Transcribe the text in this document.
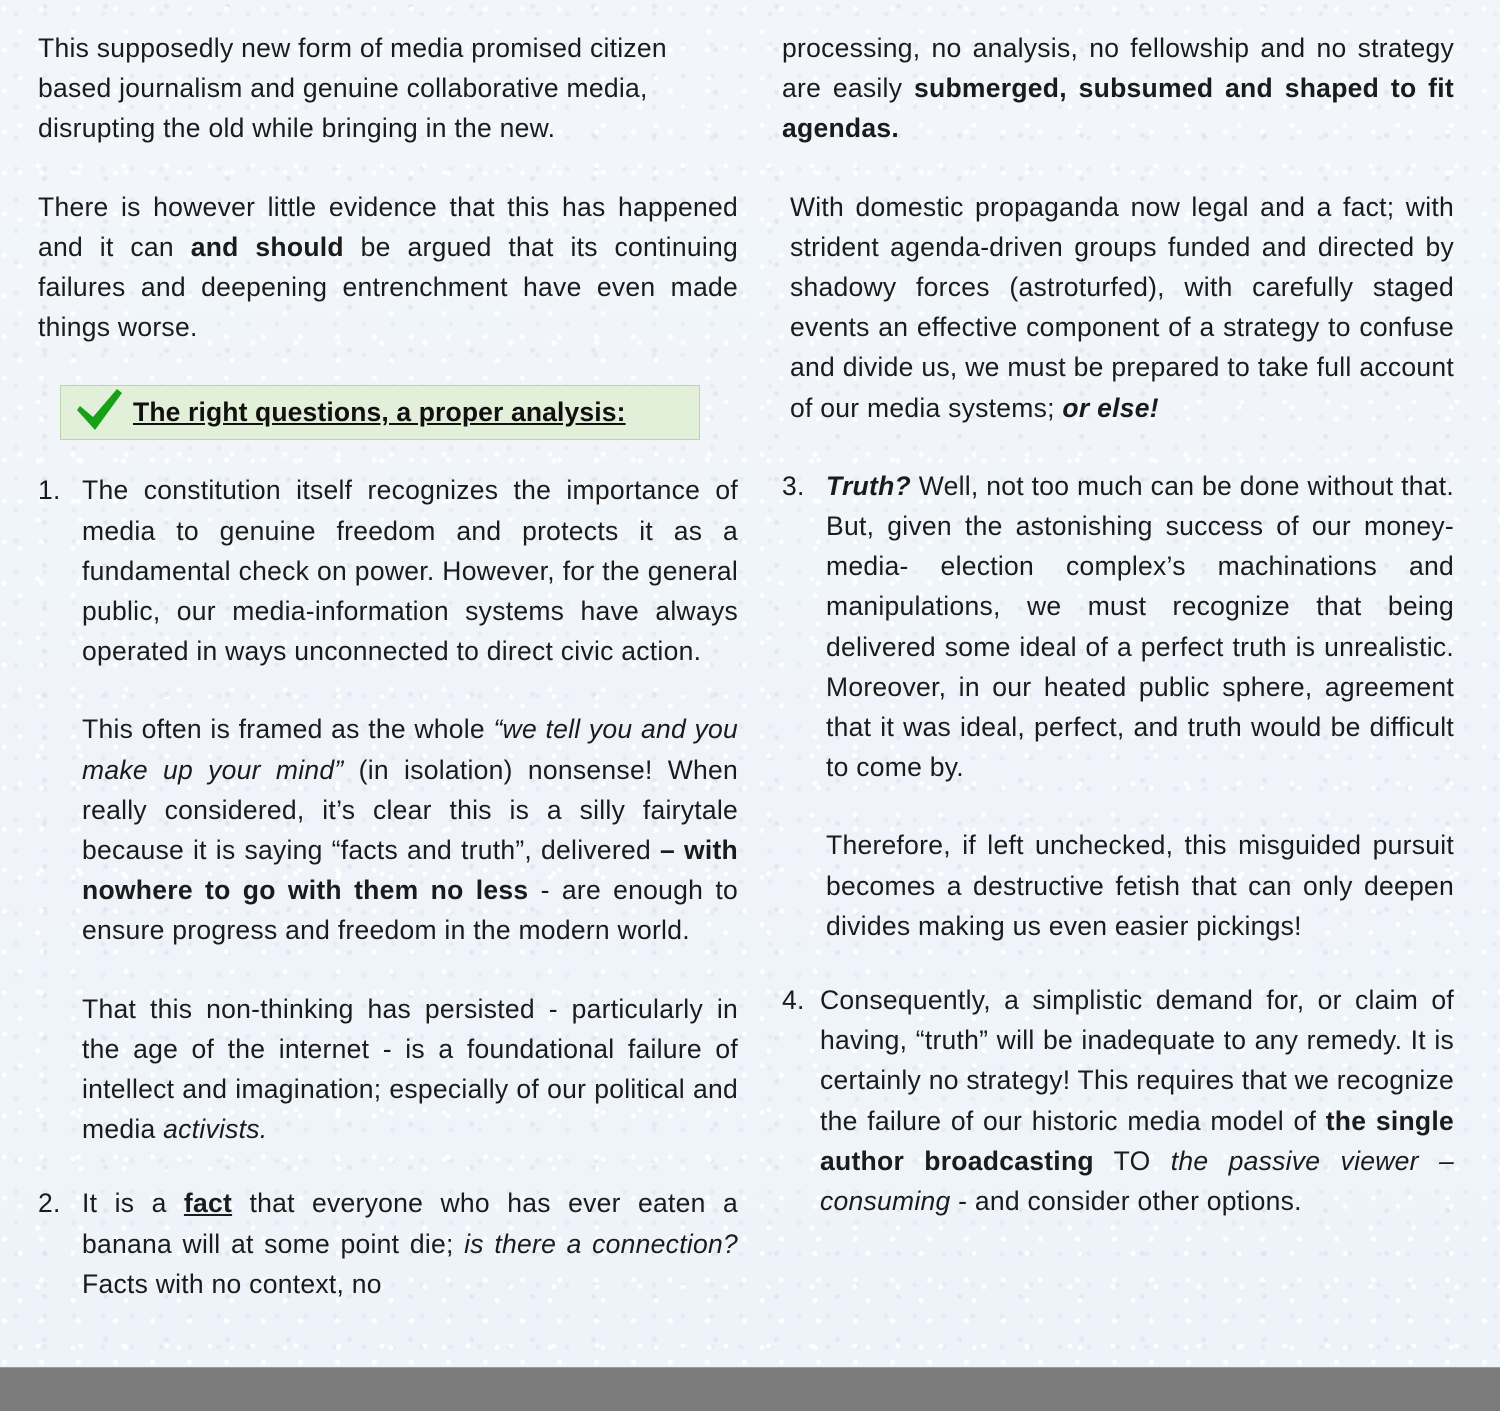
This supposedly new form of media promised citizen based journalism and genuine collaborative media, disrupting the old while bringing in the new.

There is however little evidence that this has happened and it can and should be argued that its continuing failures and deepening entrenchment have even made things worse.

The right questions, a proper analysis:
1. The constitution itself recognizes the importance of media to genuine freedom and protects it as a fundamental check on power. However, for the general public, our media-information systems have always operated in ways unconnected to direct civic action.

This often is framed as the whole “we tell you and you make up your mind” (in isolation) nonsense! When really considered, it’s clear this is a silly fairytale because it is saying “facts and truth”, delivered – with nowhere to go with them no less - are enough to ensure progress and freedom in the modern world.

That this non-thinking has persisted - particularly in the age of the internet - is a foundational failure of intellect and imagination; especially of our political and media activists.

2. It is a fact that everyone who has ever eaten a banana will at some point die; is there a connection? Facts with no context, no

processing, no analysis, no fellowship and no strategy are easily submerged, subsumed and shaped to fit agendas.

With domestic propaganda now legal and a fact; with strident agenda-driven groups funded and directed by shadowy forces (astroturfed), with carefully staged events an effective component of a strategy to confuse and divide us, we must be prepared to take full account of our media systems; or else!

3. Truth? Well, not too much can be done without that. But, given the astonishing success of our money- media- election complex’s machinations and manipulations, we must recognize that being delivered some ideal of a perfect truth is unrealistic. Moreover, in our heated public sphere, agreement that it was ideal, perfect, and truth would be difficult to come by.

Therefore, if left unchecked, this misguided pursuit becomes a destructive fetish that can only deepen divides making us even easier pickings!

4. Consequently, a simplistic demand for, or claim of having, “truth” will be inadequate to any remedy. It is certainly no strategy! This requires that we recognize the failure of our historic media model of the single author broadcasting TO the passive viewer – consuming - and consider other options.
